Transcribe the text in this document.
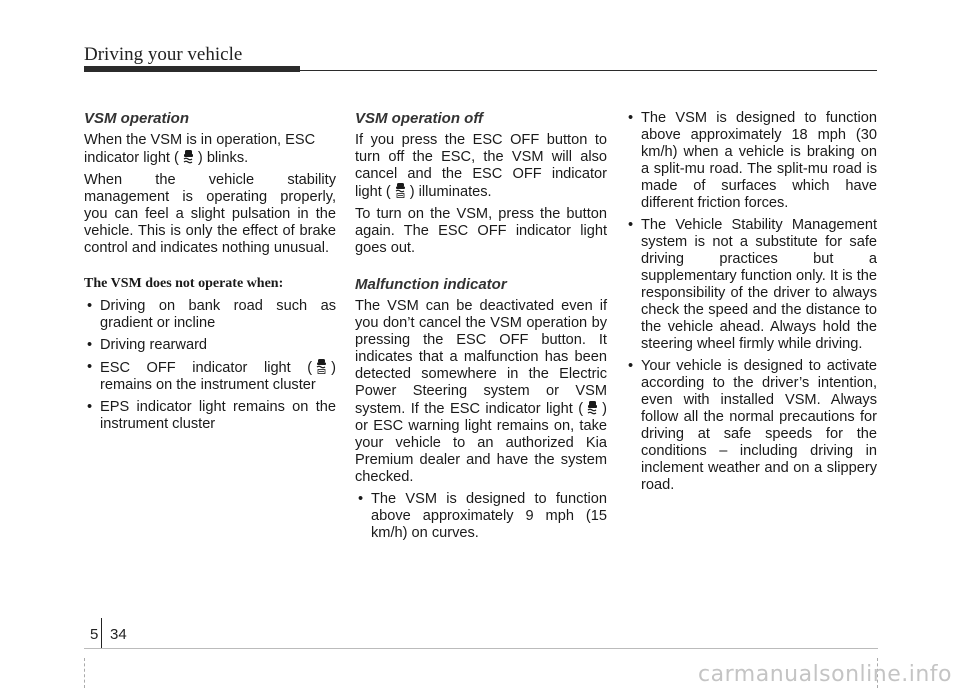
Driving your vehicle
VSM operation

When the VSM is in operation, ESC indicator light ( ) blinks.

When the vehicle stability management is operating properly, you can feel a slight pulsation in the vehicle. This is only the effect of brake control and indicates nothing unusual.

The VSM does not operate when:
• Driving on bank road such as gradient or incline
• Driving rearward
• ESC OFF indicator light ( ) remains on the instrument cluster
• EPS indicator light remains on the instrument cluster
VSM operation off

If you press the ESC OFF button to turn off the ESC, the VSM will also cancel and the ESC OFF indicator light ( ) illuminates.

To turn on the VSM, press the button again. The ESC OFF indicator light goes out.

Malfunction indicator

The VSM can be deactivated even if you don’t cancel the VSM operation by pressing the ESC OFF button. It indicates that a malfunction has been detected somewhere in the Electric Power Steering system or VSM system. If the ESC indicator light ( ) or ESC warning light remains on, take your vehicle to an authorized Kia Premium dealer and have the system checked.

• The VSM is designed to function above approximately 9 mph (15 km/h) on curves.
• The VSM is designed to function above approximately 18 mph (30 km/h) when a vehicle is braking on a split-mu road. The split-mu road is made of surfaces which have different friction forces.
• The Vehicle Stability Management system is not a substitute for safe driving practices but a supplementary function only. It is the responsibility of the driver to always check the speed and the distance to the vehicle ahead. Always hold the steering wheel firmly while driving.
• Your vehicle is designed to activate according to the driver’s intention, even with installed VSM. Always follow all the normal precautions for driving at safe speeds for the conditions – including driving in inclement weather and on a slippery road.
5 34
carmanualsonline.info
